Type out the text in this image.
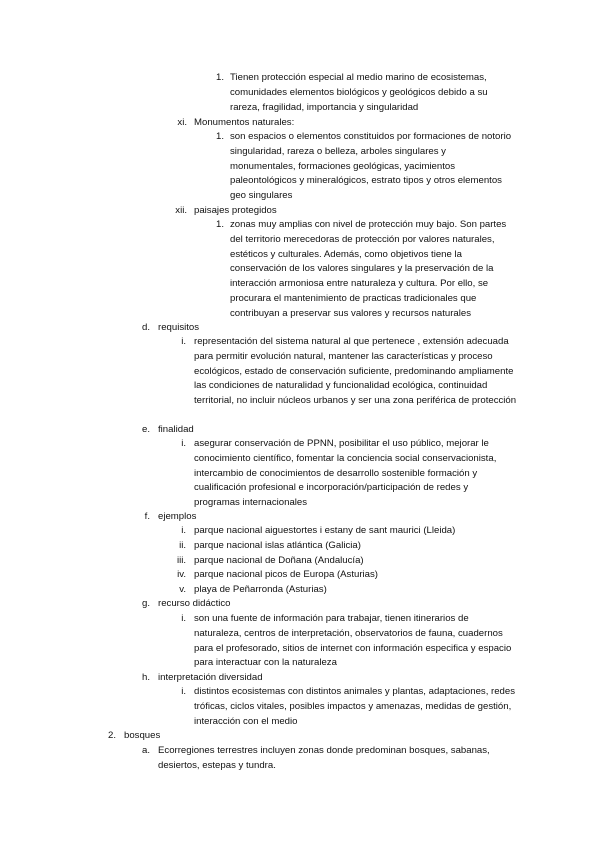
1. Tienen protección especial al medio marino de ecosistemas, comunidades elementos biológicos y geológicos debido a su rareza, fragilidad, importancia y singularidad
xi. Monumentos naturales:
1. son espacios o elementos constituidos por formaciones de notorio singularidad, rareza o belleza, arboles singulares y monumentales, formaciones geológicas, yacimientos paleontológicos y mineralógicos, estrato tipos y otros elementos geo singulares
xii. paisajes protegidos
1. zonas muy amplias con nivel de protección muy bajo. Son partes del territorio merecedoras de protección por valores naturales, estéticos y culturales. Además, como objetivos tiene la conservación de los valores singulares y la preservación de la interacción armoniosa entre naturaleza y cultura. Por ello, se procurara el mantenimiento de practicas tradicionales que contribuyan a preservar sus valores y recursos naturales
d. requisitos
i. representación del sistema natural al que pertenece , extensión adecuada para permitir evolución natural, mantener las características y proceso ecológicos, estado de conservación suficiente, predominando ampliamente las condiciones de naturalidad y funcionalidad ecológica, continuidad territorial, no incluir núcleos urbanos y ser una zona periférica de protección
e. finalidad
i. asegurar conservación de PPNN, posibilitar el uso público, mejorar le conocimiento científico, fomentar la conciencia social conservacionista, intercambio de conocimientos de desarrollo sostenible formación y cualificación profesional e incorporación/participación de redes y programas internacionales
f. ejemplos
i. parque nacional aiguestortes i estany de sant maurici (Lleida)
ii. parque nacional islas atlántica (Galicia)
iii. parque nacional de Doñana (Andalucía)
iv. parque nacional picos de Europa (Asturias)
v. playa de Peñarronda (Asturias)
g. recurso didáctico
i. son una fuente de información para trabajar, tienen itinerarios de naturaleza, centros de interpretación, observatorios de fauna, cuadernos para el profesorado, sitios de internet con información especifica y espacio para interactuar con la naturaleza
h. interpretación diversidad
i. distintos ecosistemas con distintos animales y plantas, adaptaciones, redes tróficas, ciclos vitales, posibles impactos y amenazas, medidas de gestión, interacción con el medio
2. bosques
a. Ecorregiones terrestres incluyen zonas donde predominan bosques, sabanas, desiertos, estepas y tundra.
